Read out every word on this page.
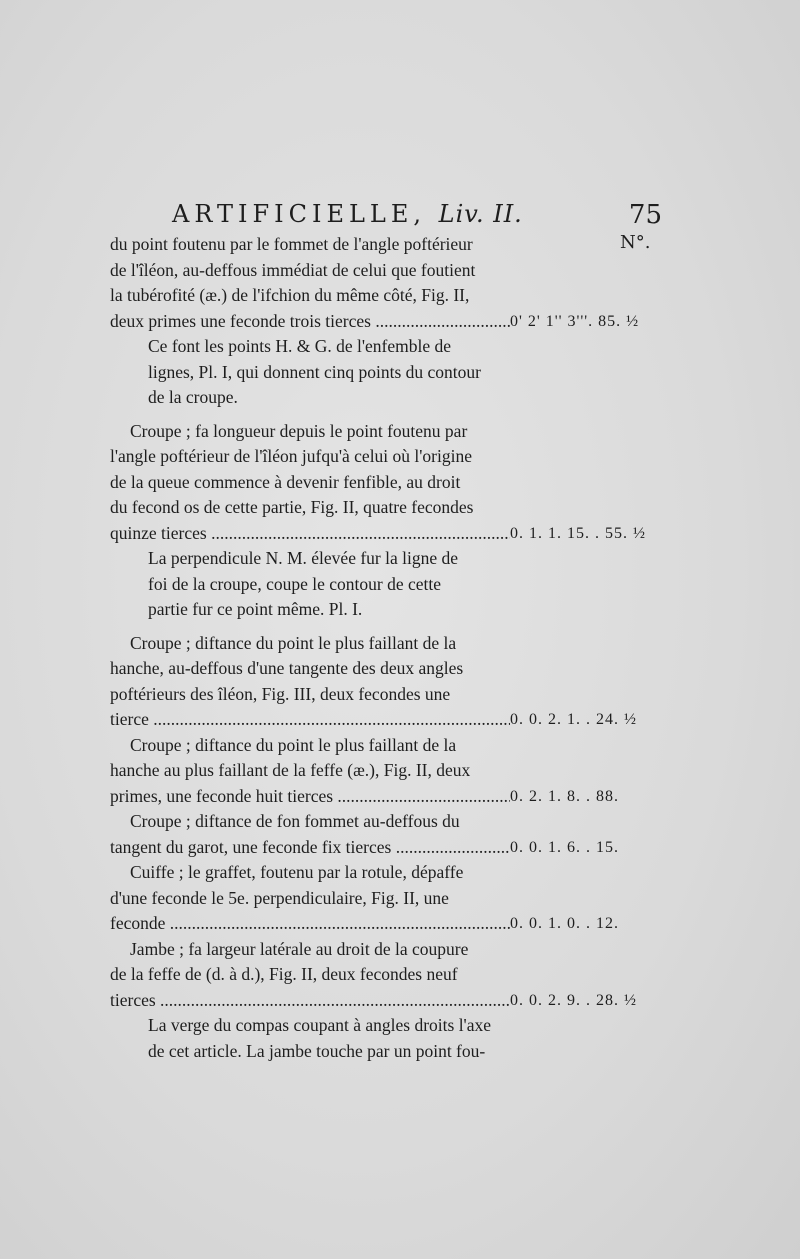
ARTIFICIELLE, Liv. II.	75
N°.
du point foutenu par le fommet de l'angle poftérieur
de l'îléon, au-deffous immédiat de celui que foutient
la tubérofité (æ.) de l'ifchion du même côté, Fig. II,
deux primes une feconde trois tierces .....	0' 2' 1'' 3'''. 85. ½
Ce font les points H. & G. de l'enfemble de
lignes, Pl. I, qui donnent cinq points du contour
de la croupe.
Croupe ; fa longueur depuis le point foutenu par
l'angle poftérieur de l'îléon jufqu'à celui où l'origine
de la queue commence à devenir fenfible, au droit
du fecond os de cette partie, Fig. II, quatre fecondes
quinze tierces .....	0. 1. 1. 15. . 55. ½
La perpendicule N. M. élevée fur la ligne de
foi de la croupe, coupe le contour de cette
partie fur ce point même. Pl. I.
Croupe ; diftance du point le plus faillant de la
hanche, au-deffous d'une tangente des deux angles
poftérieurs des îléon, Fig. III, deux fecondes une
tierce .....	0. 0. 2. 1. . 24. ½
Croupe ; diftance du point le plus faillant de la
hanche au plus faillant de la feffe (æ.), Fig. II, deux
primes, une feconde huit tierces .....	0. 2. 1. 8. . 88.
Croupe ; diftance de fon fommet au-deffous du
tangent du garot, une feconde fix tierces .....	0. 0. 1. 6. . 15.
Cuiffe ; le graffet, foutenu par la rotule, dépaffe
d'une feconde le 5e. perpendiculaire, Fig. II, une
feconde .....	0. 0. 1. 0. . 12.
Jambe ; fa largeur latérale au droit de la coupure
de la feffe de (d. à d.), Fig. II, deux fecondes neuf
tierces .....	0. 0. 2. 9. . 28. ½
La verge du compas coupant à angles droits l'axe
de cet article. La jambe touche par un point fou-
